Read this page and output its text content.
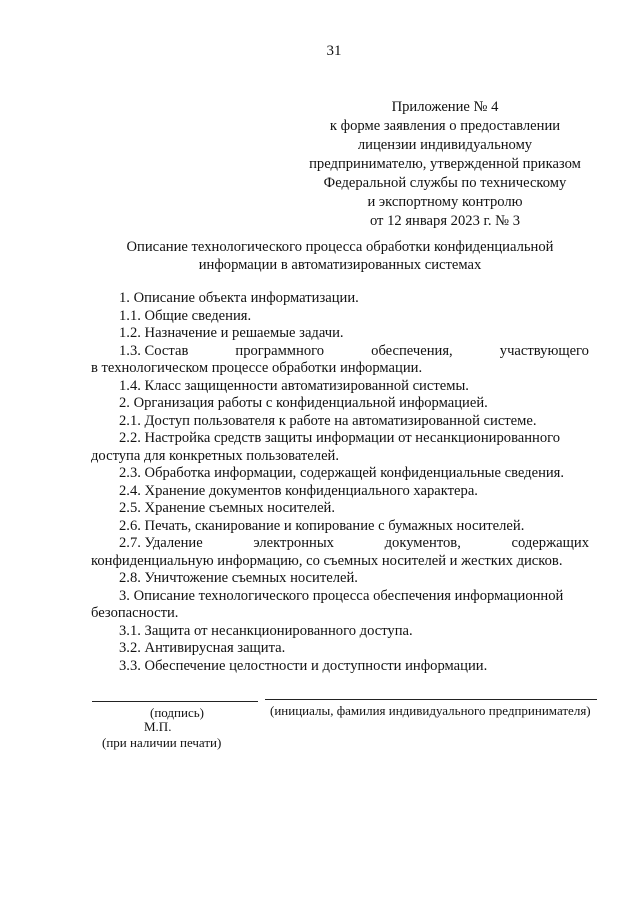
31
Приложение № 4
к форме заявления о предоставлении
лицензии индивидуальному
предпринимателю, утвержденной приказом
Федеральной службы по техническому
и экспортному контролю
от 12 января 2023 г. № 3
Описание технологического процесса обработки конфиденциальной
информации в автоматизированных системах
1. Описание объекта информатизации.
1.1. Общие сведения.
1.2. Назначение и решаемые задачи.
1.3. Состав	программного	обеспечения,	участвующего
в технологическом процессе обработки информации.
1.4. Класс защищенности автоматизированной системы.
2. Организация работы с конфиденциальной информацией.
2.1. Доступ пользователя к работе на автоматизированной системе.
2.2. Настройка средств защиты информации от несанкционированного
доступа для конкретных пользователей.
2.3. Обработка информации, содержащей конфиденциальные сведения.
2.4. Хранение документов конфиденциального характера.
2.5. Хранение съемных носителей.
2.6. Печать, сканирование и копирование с бумажных носителей.
2.7. Удаление	электронных	документов,	содержащих
конфиденциальную информацию, со съемных носителей и жестких дисков.
2.8. Уничтожение съемных носителей.
3. Описание технологического процесса обеспечения информационной
безопасности.
3.1. Защита от несанкционированного доступа.
3.2. Антивирусная защита.
3.3. Обеспечение целостности и доступности информации.
(подпись)
М.П.
(при наличии печати)
(инициалы, фамилия индивидуального предпринимателя)
